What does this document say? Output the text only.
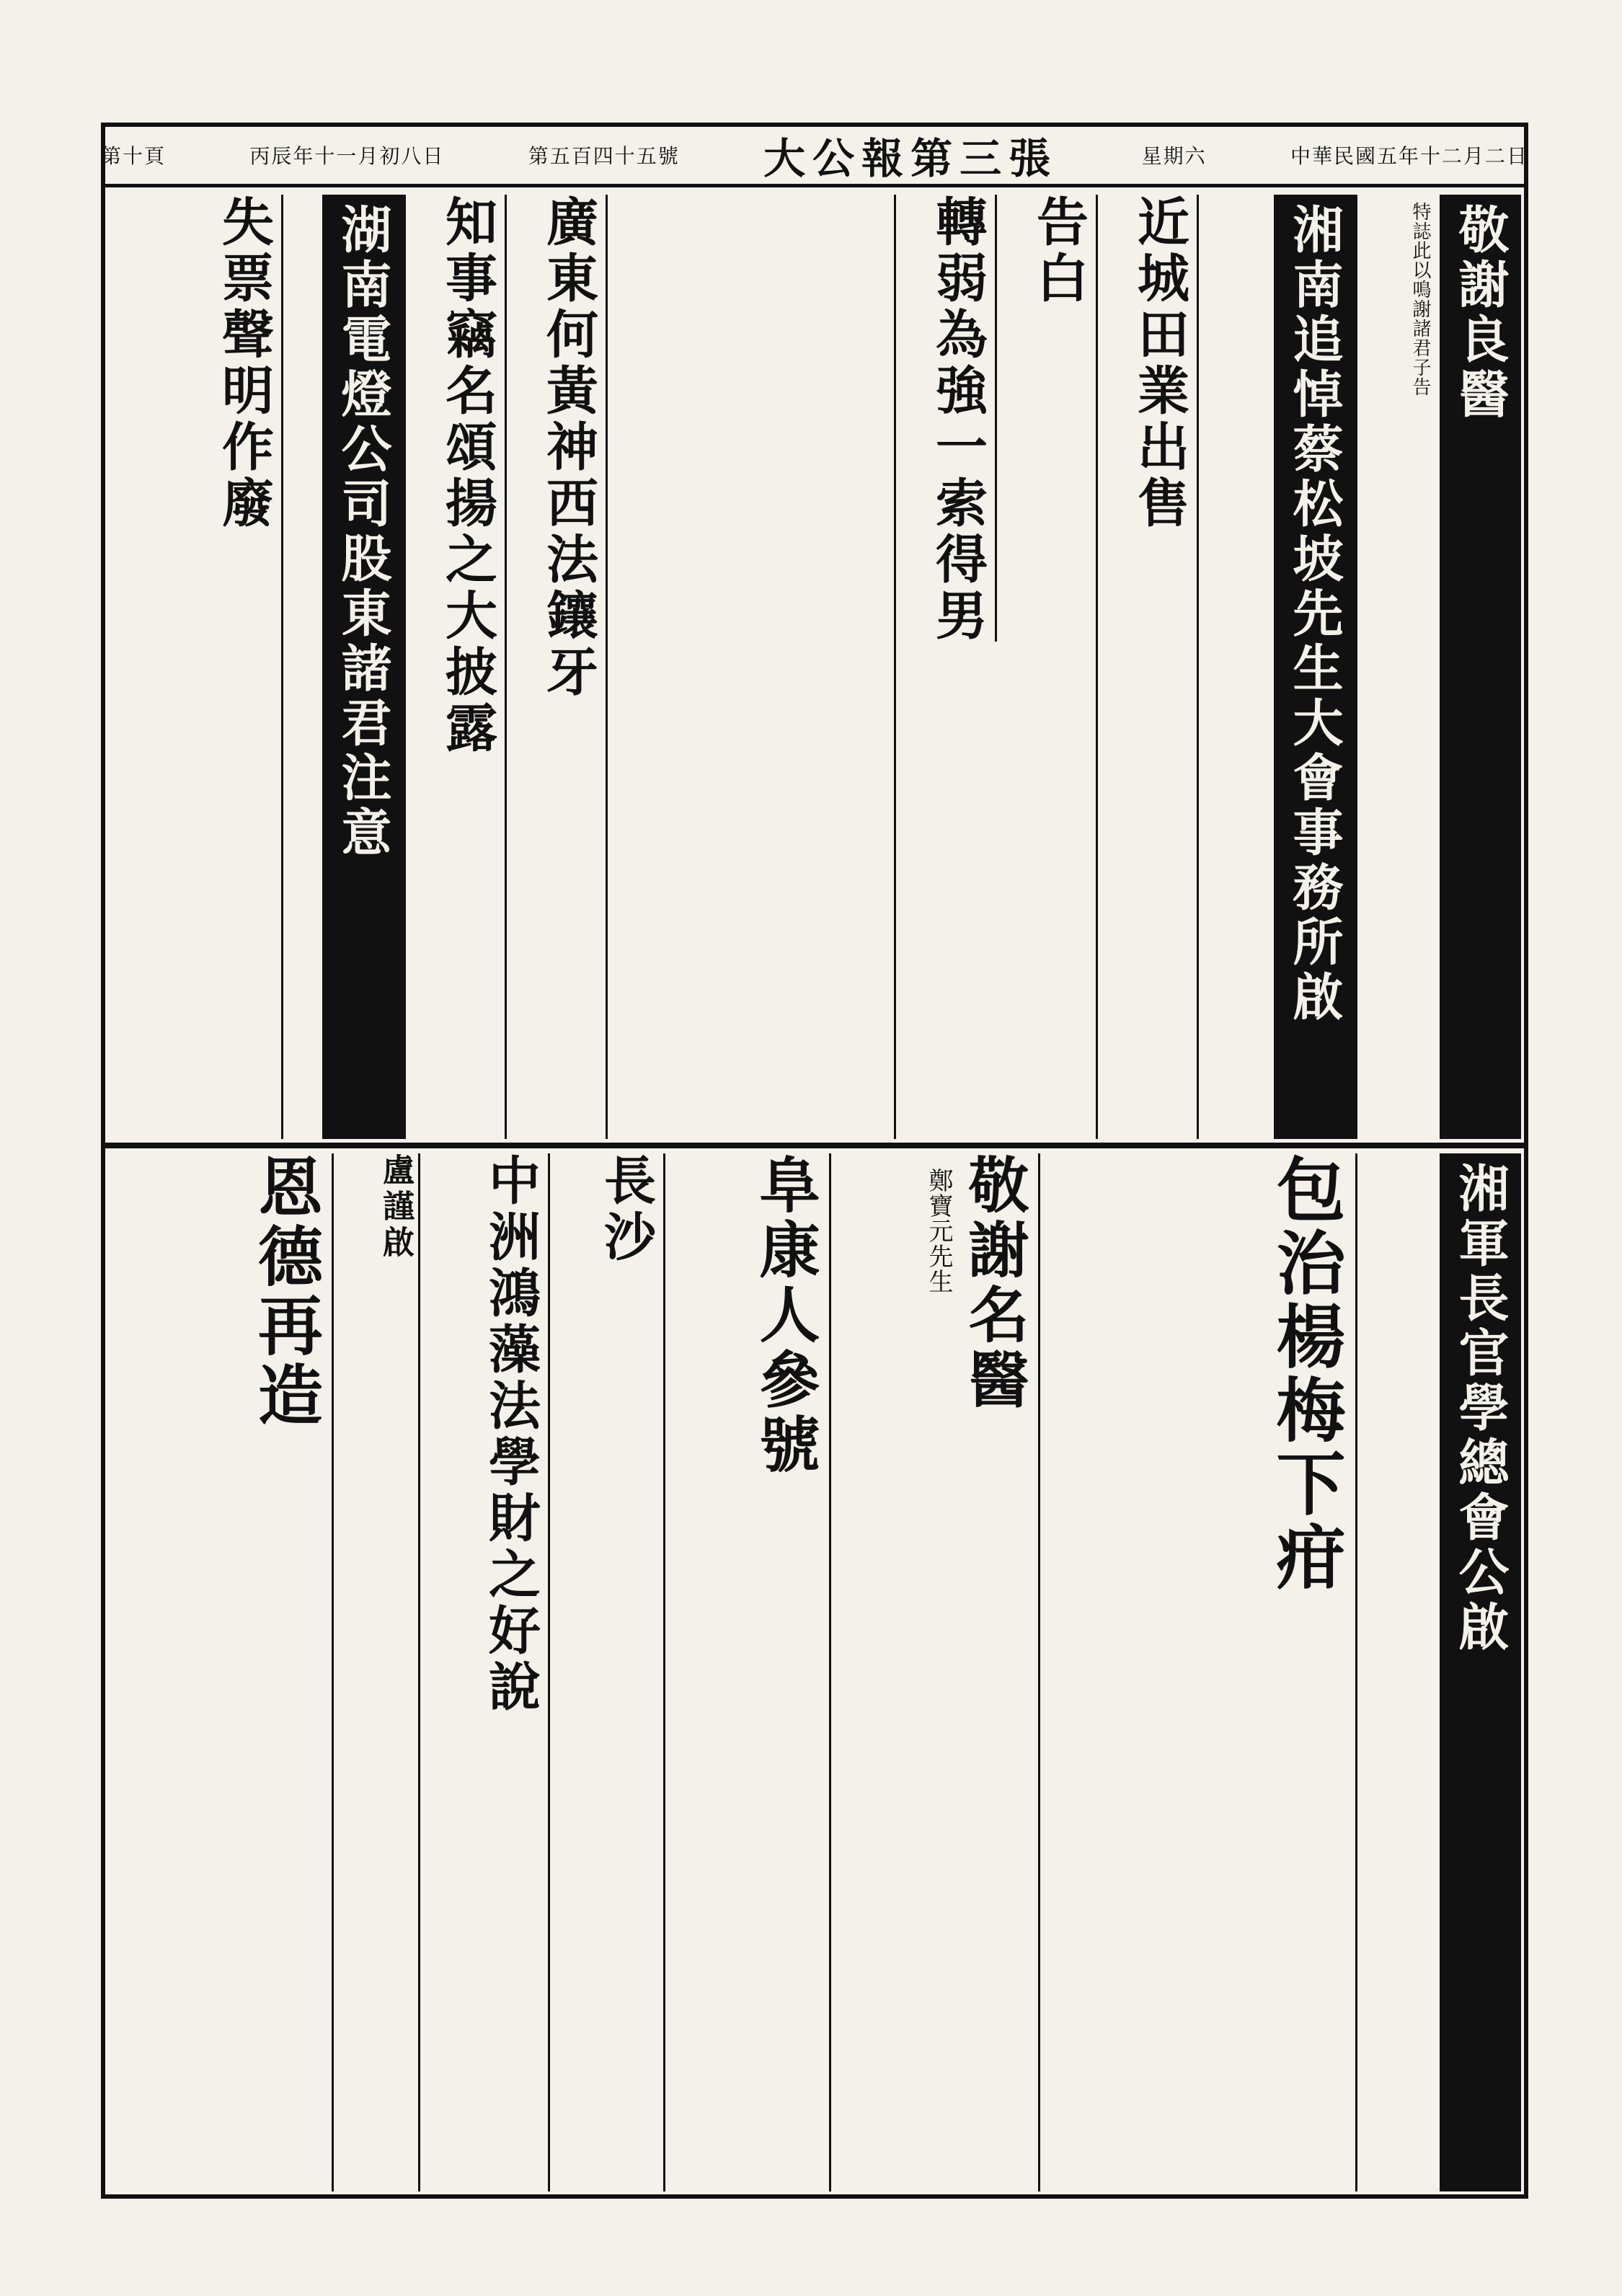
第十頁	丙辰年十一月初八日	第五百四十五號 大公報第三張	星期六	中華民國五年十二月二日
敬謝良醫
特誌此以鳴謝諸君子告
湘南追悼蔡松坡先生大會事務所啟
近城田業出售
告白
轉弱為強一索得男
廣東何黃神西法鑲牙
知事竊名頌揚之大披露
湖南電燈公司股東諸君注意
失票聲明作廢
湘軍長官學總會公啟
包治楊梅下疳
敬謝名醫
鄭寶元先生
阜康人參號
長沙
中洲鴻藻法學財之好說
盧謹啟
恩德再造
